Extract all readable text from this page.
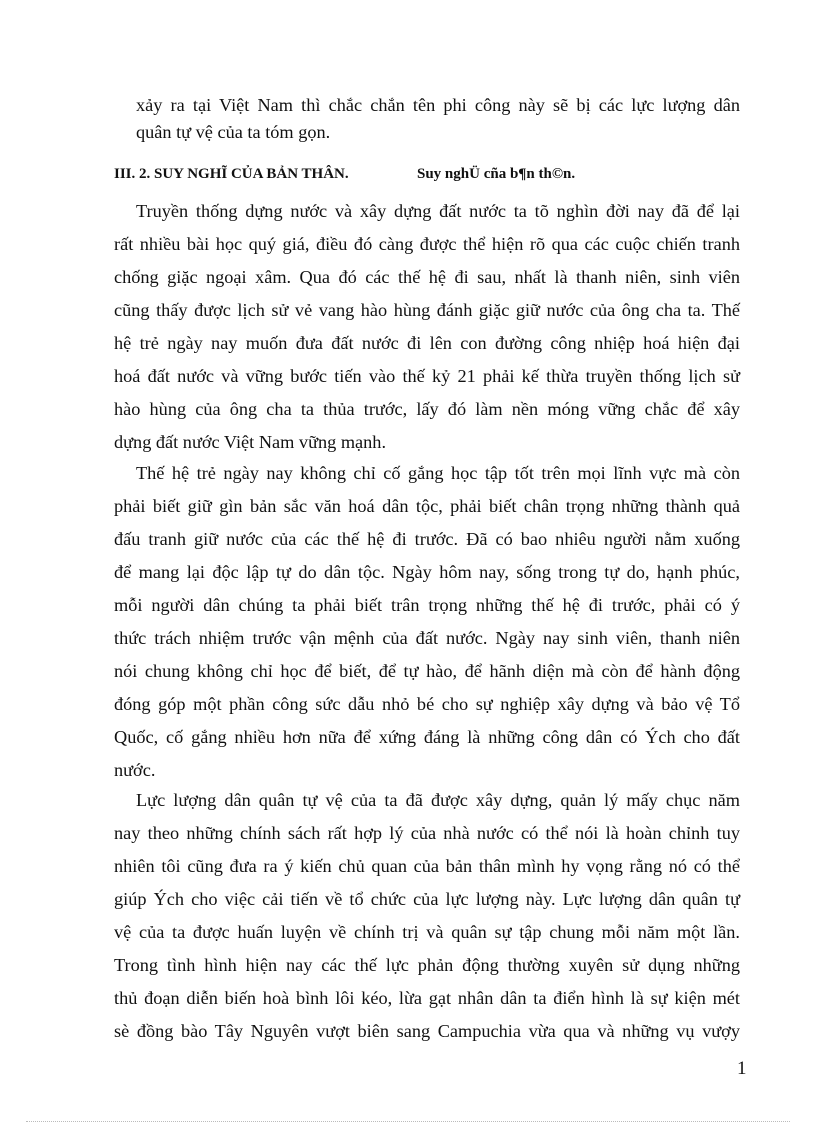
xảy ra tại Việt Nam thì chắc chắn tên phi công này sẽ bị các lực lượng dân
quân tự vệ của ta tóm gọn.
III. 2. SUY NGHĨ CỦA BẢN THÂN.	Suy nghÜ cña b¶n th©n.
Truyền thống dựng nước và xây dựng đất nước ta tõ nghìn đời nay đã để lại
rất nhiều bài học quý giá, điều đó càng được thể hiện rõ qua các cuộc chiến tranh
chống giặc ngoại xâm. Qua đó các thế hệ đi sau, nhất là thanh niên, sinh viên
cũng thấy được lịch sử vẻ vang hào hùng đánh giặc giữ nước của ông cha ta. Thế
hệ trẻ ngày nay muốn đưa đất nước đi lên con đường công nhiệp hoá hiện đại
hoá đất nước và vững bước tiến vào thế kỷ 21 phải kế thừa truyền thống lịch sử
hào hùng của ông cha ta thủa trước, lấy đó làm nền móng vững chắc để xây
dựng đất nước Việt Nam vững mạnh.
Thế hệ trẻ ngày nay không chỉ cố gắng học tập tốt trên mọi lĩnh vực mà còn
phải biết giữ gìn bản sắc văn hoá dân tộc, phải biết chân trọng những thành quả
đấu tranh giữ nước của các thế hệ đi trước. Đã có bao nhiêu người nằm xuống
để mang lại độc lập tự do dân tộc. Ngày hôm nay, sống trong tự do, hạnh phúc,
mỗi người dân chúng ta phải biết trân trọng những thế hệ đi trước, phải có ý
thức trách nhiệm trước vận mệnh của đất nước. Ngày nay sinh viên, thanh niên
nói chung không chỉ học để biết, để tự hào, để hãnh diện mà còn để hành động
đóng góp một phần công sức dẫu nhỏ bé cho sự nghiệp xây dựng và bảo vệ Tổ
Quốc, cố gắng nhiều hơn nữa để xứng đáng là những công dân có Ých cho đất
nước.
Lực lượng dân quân tự vệ của ta đã được xây dựng, quản lý mấy chục năm
nay theo những chính sách rất hợp lý của nhà nước có thể nói là hoàn chỉnh tuy
nhiên tôi cũng đưa ra ý kiến chủ quan của bản thân mình hy vọng rằng nó có thể
giúp Ých cho việc cải tiến về tổ chức của lực lượng này. Lực lượng dân quân tự
vệ của ta được huấn luyện về chính trị và quân sự tập chung mỗi năm một lần.
Trong tình hình hiện nay các thế lực phản động thường xuyên sử dụng những
thủ đoạn diễn biến hoà bình lôi kéo, lừa gạt nhân dân ta điển hình là sự kiện mét
sè đồng bào Tây Nguyên vượt biên sang Campuchia vừa qua và những vụ vượy
1
